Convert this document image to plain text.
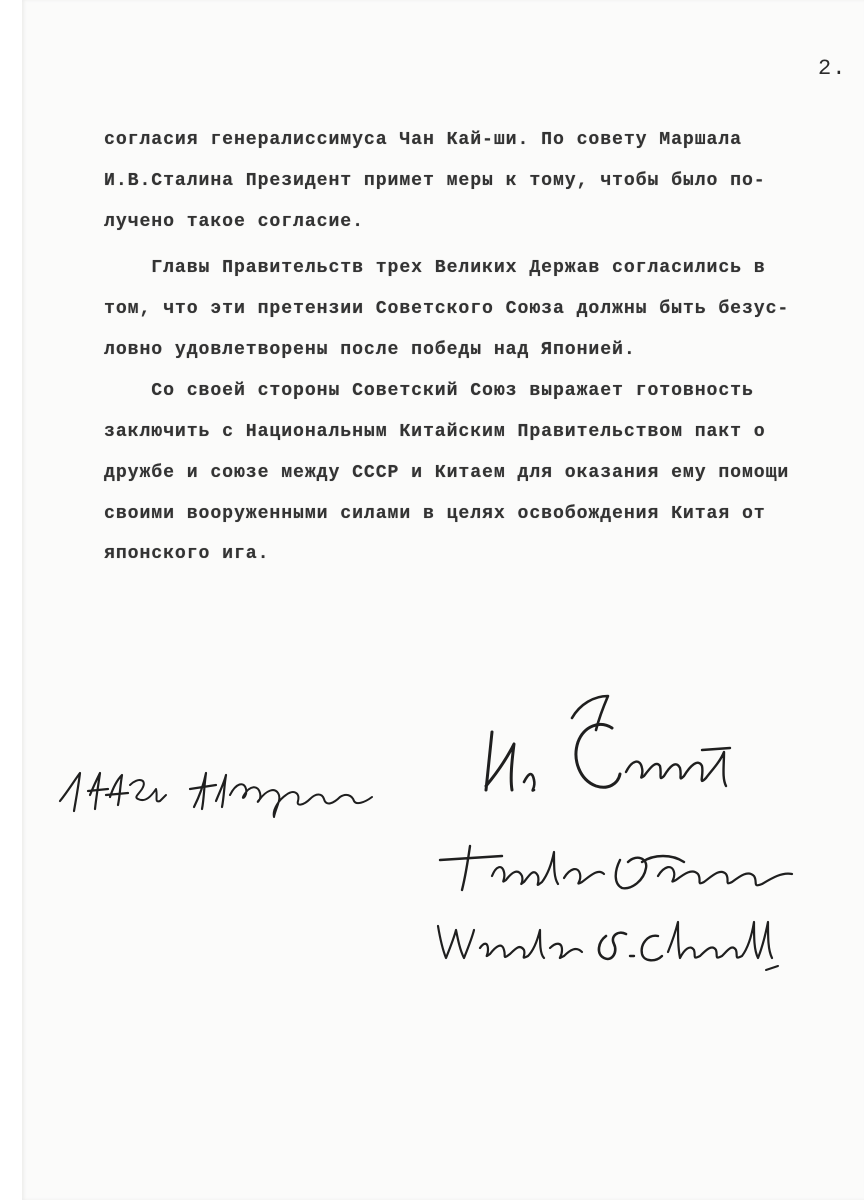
2.
согласия генералиссимуса Чан Кай-ши. По совету Маршала
И.В.Сталина Президент примет меры к тому, чтобы было по-
лучено такое согласие.
Главы Правительств трех Великих Держав согласились в
том, что эти претензии Советского Союза должны быть безус-
ловно удовлетворены после победы над Японией.
Со своей стороны Советский Союз выражает готовность
заключить с Национальным Китайским Правительством пакт о
дружбе и союзе между СССР и Китаем для оказания ему помощи
своими вооруженными силами в целях освобождения Китая от
японского ига.
